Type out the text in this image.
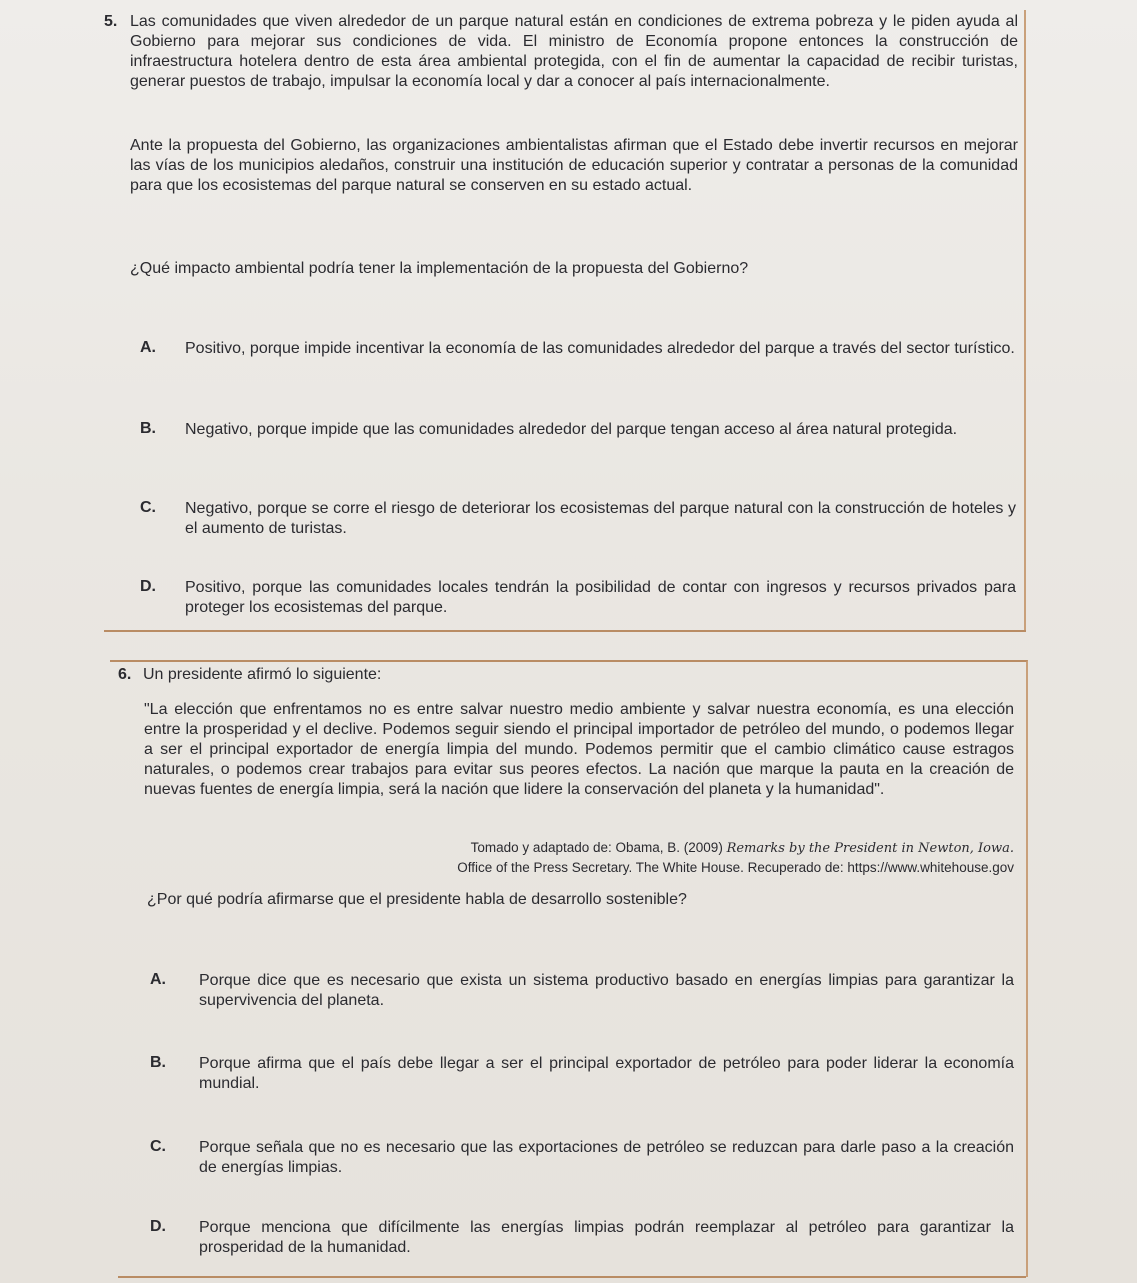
5. Las comunidades que viven alrededor de un parque natural están en condiciones de extrema pobreza y le piden ayuda al Gobierno para mejorar sus condiciones de vida. El ministro de Economía propone entonces la construcción de infraestructura hotelera dentro de esta área ambiental protegida, con el fin de aumentar la capacidad de recibir turistas, generar puestos de trabajo, impulsar la economía local y dar a conocer al país internacionalmente.
Ante la propuesta del Gobierno, las organizaciones ambientalistas afirman que el Estado debe invertir recursos en mejorar las vías de los municipios aledaños, construir una institución de educación superior y contratar a personas de la comunidad para que los ecosistemas del parque natural se conserven en su estado actual.
¿Qué impacto ambiental podría tener la implementación de la propuesta del Gobierno?
A. Positivo, porque impide incentivar la economía de las comunidades alrededor del parque a través del sector turístico.
B. Negativo, porque impide que las comunidades alrededor del parque tengan acceso al área natural protegida.
C. Negativo, porque se corre el riesgo de deteriorar los ecosistemas del parque natural con la construcción de hoteles y el aumento de turistas.
D. Positivo, porque las comunidades locales tendrán la posibilidad de contar con ingresos y recursos privados para proteger los ecosistemas del parque.
6. Un presidente afirmó lo siguiente:
"La elección que enfrentamos no es entre salvar nuestro medio ambiente y salvar nuestra economía, es una elección entre la prosperidad y el declive. Podemos seguir siendo el principal importador de petróleo del mundo, o podemos llegar a ser el principal exportador de energía limpia del mundo. Podemos permitir que el cambio climático cause estragos naturales, o podemos crear trabajos para evitar sus peores efectos. La nación que marque la pauta en la creación de nuevas fuentes de energía limpia, será la nación que lidere la conservación del planeta y la humanidad".
Tomado y adaptado de: Obama, B. (2009) Remarks by the President in Newton, Iowa.
Office of the Press Secretary. The White House. Recuperado de: https://www.whitehouse.gov
¿Por qué podría afirmarse que el presidente habla de desarrollo sostenible?
A. Porque dice que es necesario que exista un sistema productivo basado en energías limpias para garantizar la supervivencia del planeta.
B. Porque afirma que el país debe llegar a ser el principal exportador de petróleo para poder liderar la economía mundial.
C. Porque señala que no es necesario que las exportaciones de petróleo se reduzcan para darle paso a la creación de energías limpias.
D. Porque menciona que difícilmente las energías limpias podrán reemplazar al petróleo para garantizar la prosperidad de la humanidad.
